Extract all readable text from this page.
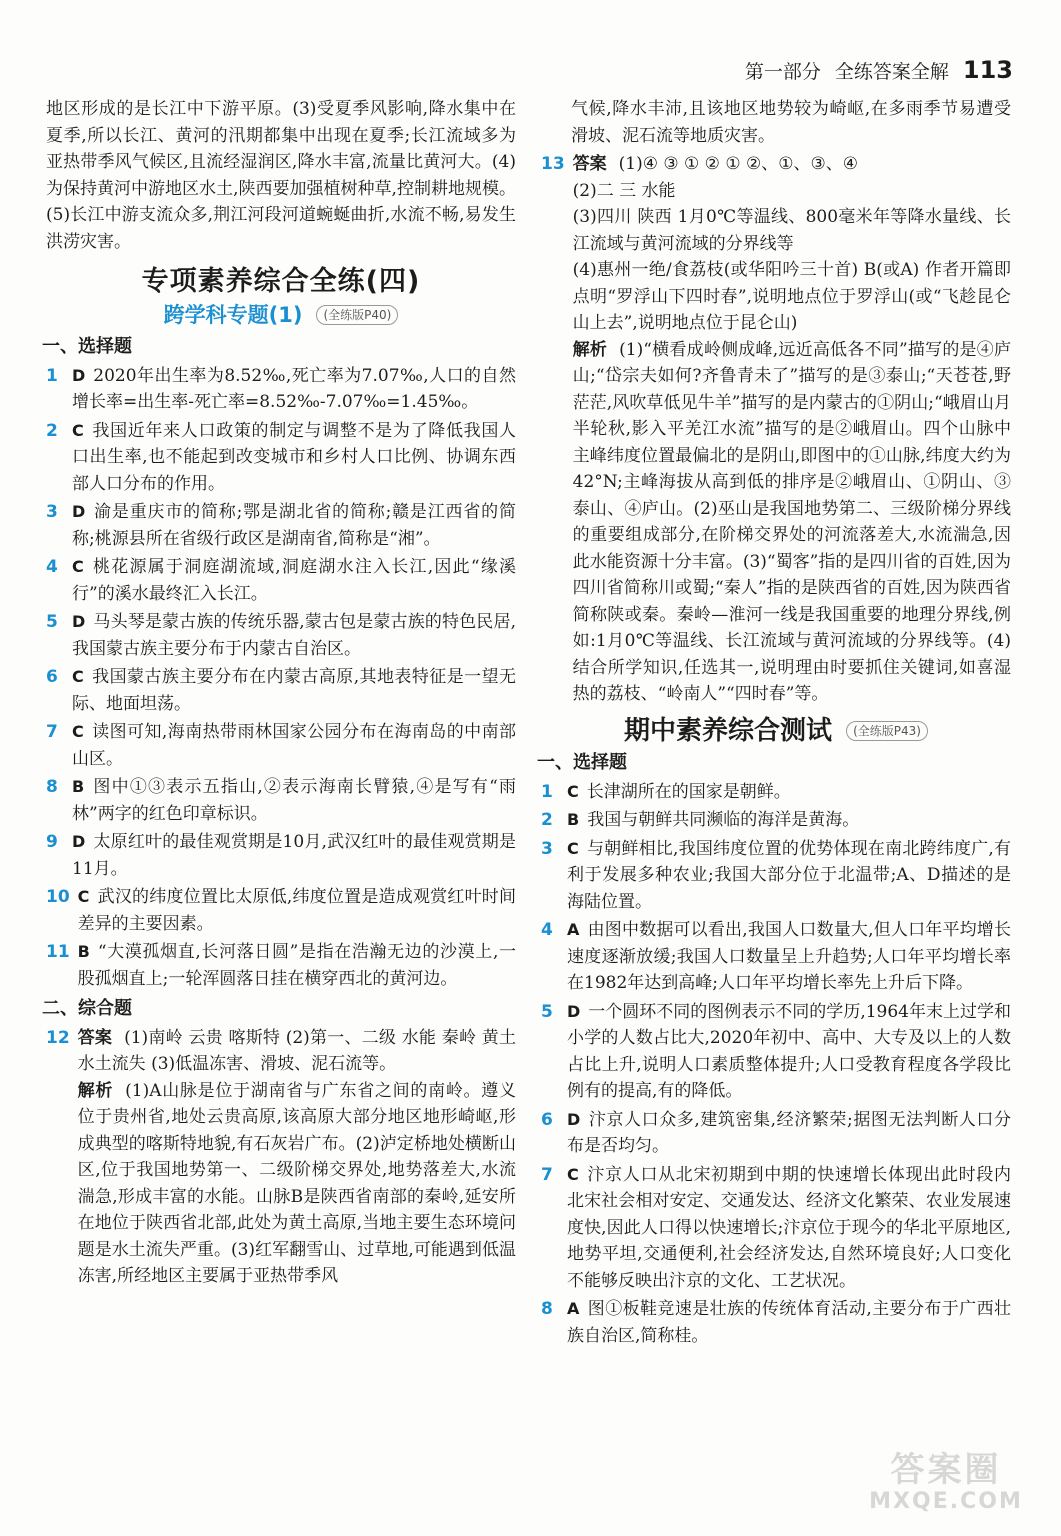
第一部分 全练答案全解 113

地区形成的是长江中下游平原。(3)受夏季风影响,降水集中在夏季,所以长江、黄河的汛期都集中出现在夏季;长江流域多为亚热带季风气候区,且流经湿润区,降水丰富,流量比黄河大。(4)为保持黄河中游地区水土,陕西要加强植树种草,控制耕地规模。(5)长江中游支流众多,荆江河段河道蜿蜒曲折,水流不畅,易发生洪涝灾害。

专项素养综合全练(四)
跨学科专题(1)	(全练版P40)
一、选择题
1 D 2020年出生率为8.52‰,死亡率为7.07‰,人口的自然增长率=出生率-死亡率=8.52‰-7.07‰=1.45‰。
2 C 我国近年来人口政策的制定与调整不是为了降低我国人口出生率,也不能起到改变城市和乡村人口比例、协调东西部人口分布的作用。
3 D 渝是重庆市的简称;鄂是湖北省的简称;赣是江西省的简称;桃源县所在省级行政区是湖南省,简称是“湘”。
4 C 桃花源属于洞庭湖流域,洞庭湖水注入长江,因此“缘溪行”的溪水最终汇入长江。
5 D 马头琴是蒙古族的传统乐器,蒙古包是蒙古族的特色民居,我国蒙古族主要分布于内蒙古自治区。
6 C 我国蒙古族主要分布在内蒙古高原,其地表特征是一望无际、地面坦荡。
7 C 读图可知,海南热带雨林国家公园分布在海南岛的中南部山区。
8 B 图中①③表示五指山,②表示海南长臂猿,④是写有“雨林”两字的红色印章标识。
9 D 太原红叶的最佳观赏期是10月,武汉红叶的最佳观赏期是11月。
10 C 武汉的纬度位置比太原低,纬度位置是造成观赏红叶时间差异的主要因素。
11 B “大漠孤烟直,长河落日圆”是指在浩瀚无边的沙漠上,一股孤烟直上;一轮浑圆落日挂在横穿西北的黄河边。
二、综合题
12 答案 (1)南岭 云贵 喀斯特 (2)第一、二级 水能 秦岭 黄土 水土流失 (3)低温冻害、滑坡、泥石流等。
解析 (1)A山脉是位于湖南省与广东省之间的南岭。遵义位于贵州省,地处云贵高原,该高原大部分地区地形崎岖,形成典型的喀斯特地貌,有石灰岩广布。(2)泸定桥地处横断山区,位于我国地势第一、二级阶梯交界处,地势落差大,水流湍急,形成丰富的水能。山脉B是陕西省南部的秦岭,延安所在地位于陕西省北部,此处为黄土高原,当地主要生态环境问题是水土流失严重。(3)红军翻雪山、过草地,可能遇到低温冻害,所经地区主要属于亚热带季风

气候,降水丰沛,且该地区地势较为崎岖,在多雨季节易遭受滑坡、泥石流等地质灾害。

13 答案 (1)④ ③ ① ② ① ②、①、③、④
(2)二 三 水能
(3)四川 陕西 1月0℃等温线、800毫米年等降水量线、长江流域与黄河流域的分界线等
(4)惠州一绝/食荔枝(或华阳吟三十首) B(或A) 作者开篇即点明“罗浮山下四时春”,说明地点位于罗浮山(或“飞趁昆仑山上去”,说明地点位于昆仑山)
解析 (1)“横看成岭侧成峰,远近高低各不同”描写的是④庐山;“岱宗夫如何?齐鲁青未了”描写的是③泰山;“天苍苍,野茫茫,风吹草低见牛羊”描写的是内蒙古的①阴山;“峨眉山月半轮秋,影入平羌江水流”描写的是②峨眉山。四个山脉中主峰纬度位置最偏北的是阴山,即图中的①山脉,纬度大约为42°N;主峰海拔从高到低的排序是②峨眉山、①阴山、③泰山、④庐山。(2)巫山是我国地势第二、三级阶梯分界线的重要组成部分,在阶梯交界处的河流落差大,水流湍急,因此水能资源十分丰富。(3)“蜀客”指的是四川省的百姓,因为四川省简称川或蜀;“秦人”指的是陕西省的百姓,因为陕西省简称陕或秦。秦岭—淮河一线是我国重要的地理分界线,例如:1月0℃等温线、长江流域与黄河流域的分界线等。(4)结合所学知识,任选其一,说明理由时要抓住关键词,如喜湿热的荔枝、“岭南人”“四时春”等。
期中素养综合测试	(全练版P43)
一、选择题
1 C 长津湖所在的国家是朝鲜。
2 B 我国与朝鲜共同濒临的海洋是黄海。
3 C 与朝鲜相比,我国纬度位置的优势体现在南北跨纬度广,有利于发展多种农业;我国大部分位于北温带;A、D描述的是海陆位置。
4 A 由图中数据可以看出,我国人口数量大,但人口年平均增长速度逐渐放缓;我国人口数量呈上升趋势;人口年平均增长率在1982年达到高峰;人口年平均增长率先上升后下降。
5 D 一个圆环不同的图例表示不同的学历,1964年末上过学和小学的人数占比大,2020年初中、高中、大专及以上的人数占比上升,说明人口素质整体提升;人口受教育程度各学段比例有的提高,有的降低。
6 D 汴京人口众多,建筑密集,经济繁荣;据图无法判断人口分布是否均匀。
7 C 汴京人口从北宋初期到中期的快速增长体现出此时段内北宋社会相对安定、交通发达、经济文化繁荣、农业发展速度快,因此人口得以快速增长;汴京位于现今的华北平原地区,地势平坦,交通便利,社会经济发达,自然环境良好;人口变化不能够反映出汴京的文化、工艺状况。
8 A 图①板鞋竞速是壮族的传统体育活动,主要分布于广西壮族自治区,简称桂。
答案圈
MXQE.COM
